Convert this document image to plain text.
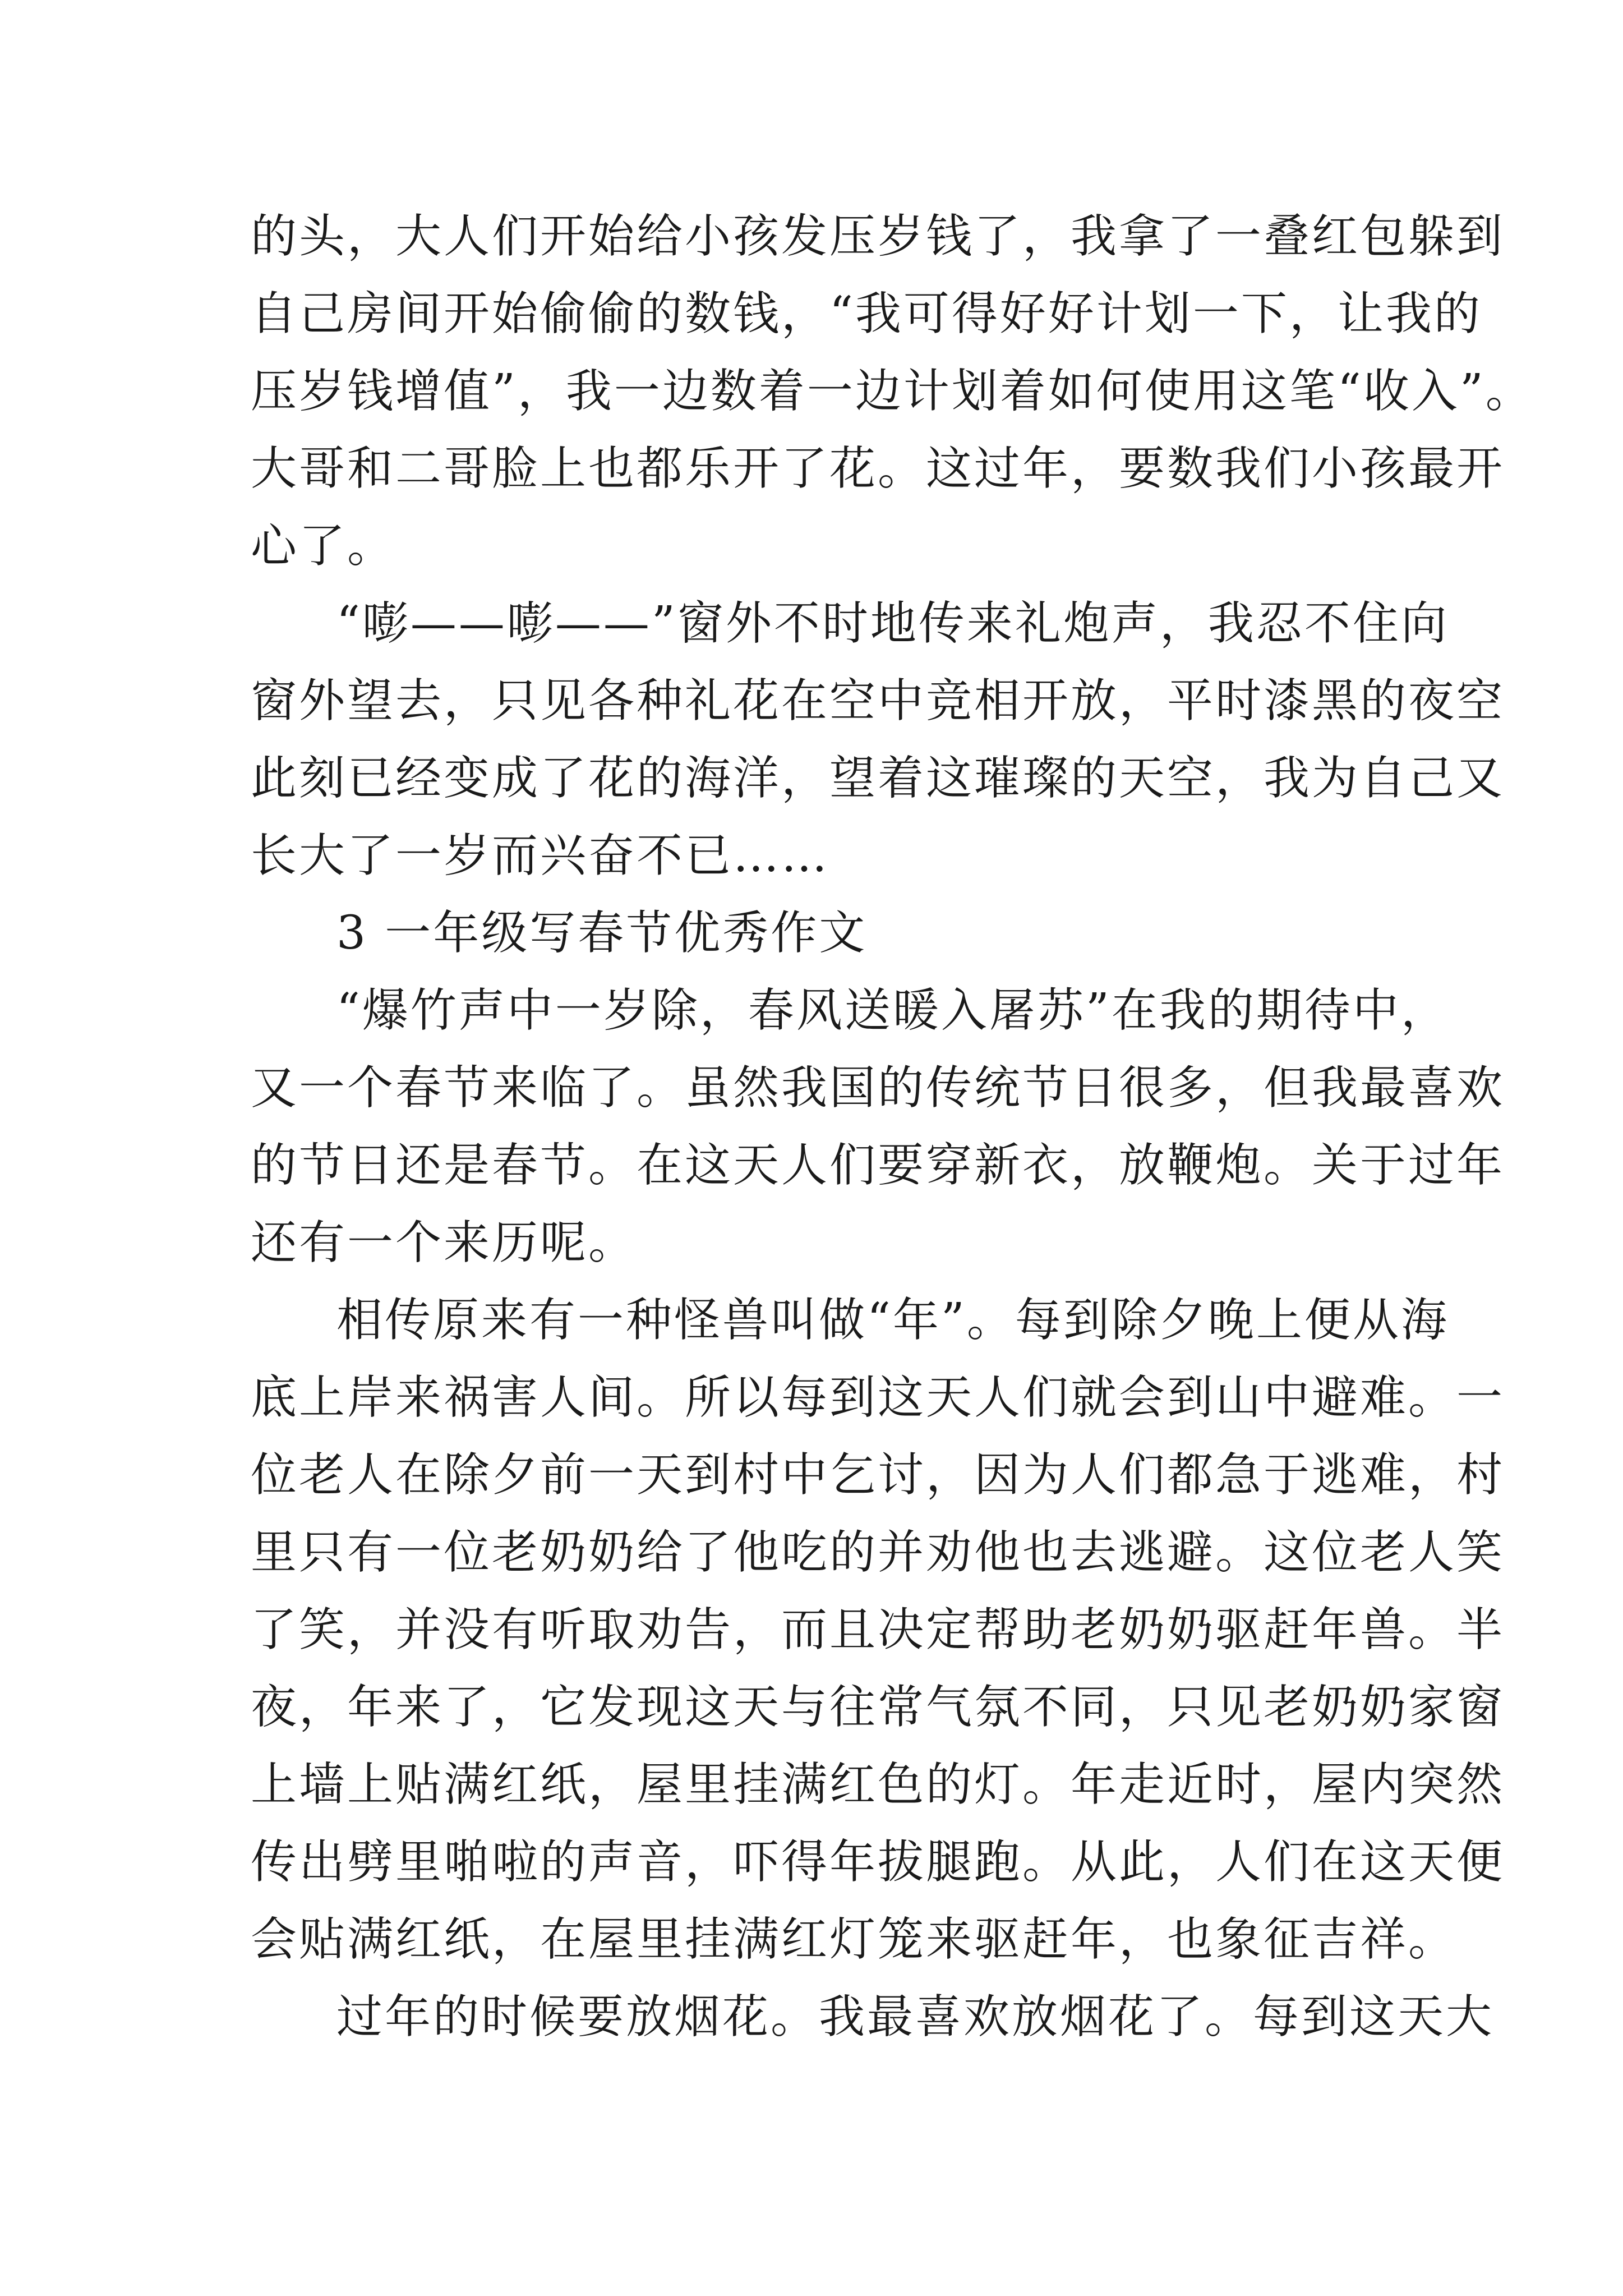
的头，大人们开始给小孩发压岁钱了，我拿了一叠红包躲到
自己房间开始偷偷的数钱，“我可得好好计划一下，让我的
压岁钱增值”，我一边数着一边计划着如何使用这笔“收入”。
大哥和二哥脸上也都乐开了花。这过年，要数我们小孩最开
心了。
“嘭——嘭——”窗外不时地传来礼炮声，我忍不住向
窗外望去，只见各种礼花在空中竞相开放，平时漆黑的夜空
此刻已经变成了花的海洋，望着这璀璨的天空，我为自己又
长大了一岁而兴奋不已……
3 一年级写春节优秀作文
“爆竹声中一岁除，春风送暖入屠苏”在我的期待中，
又一个春节来临了。虽然我国的传统节日很多，但我最喜欢
的节日还是春节。在这天人们要穿新衣，放鞭炮。关于过年
还有一个来历呢。
相传原来有一种怪兽叫做“年”。每到除夕晚上便从海
底上岸来祸害人间。所以每到这天人们就会到山中避难。一
位老人在除夕前一天到村中乞讨，因为人们都急于逃难，村
里只有一位老奶奶给了他吃的并劝他也去逃避。这位老人笑
了笑，并没有听取劝告，而且决定帮助老奶奶驱赶年兽。半
夜，年来了，它发现这天与往常气氛不同，只见老奶奶家窗
上墙上贴满红纸，屋里挂满红色的灯。年走近时，屋内突然
传出劈里啪啦的声音，吓得年拔腿跑。从此，人们在这天便
会贴满红纸，在屋里挂满红灯笼来驱赶年，也象征吉祥。
过年的时候要放烟花。我最喜欢放烟花了。每到这天大
